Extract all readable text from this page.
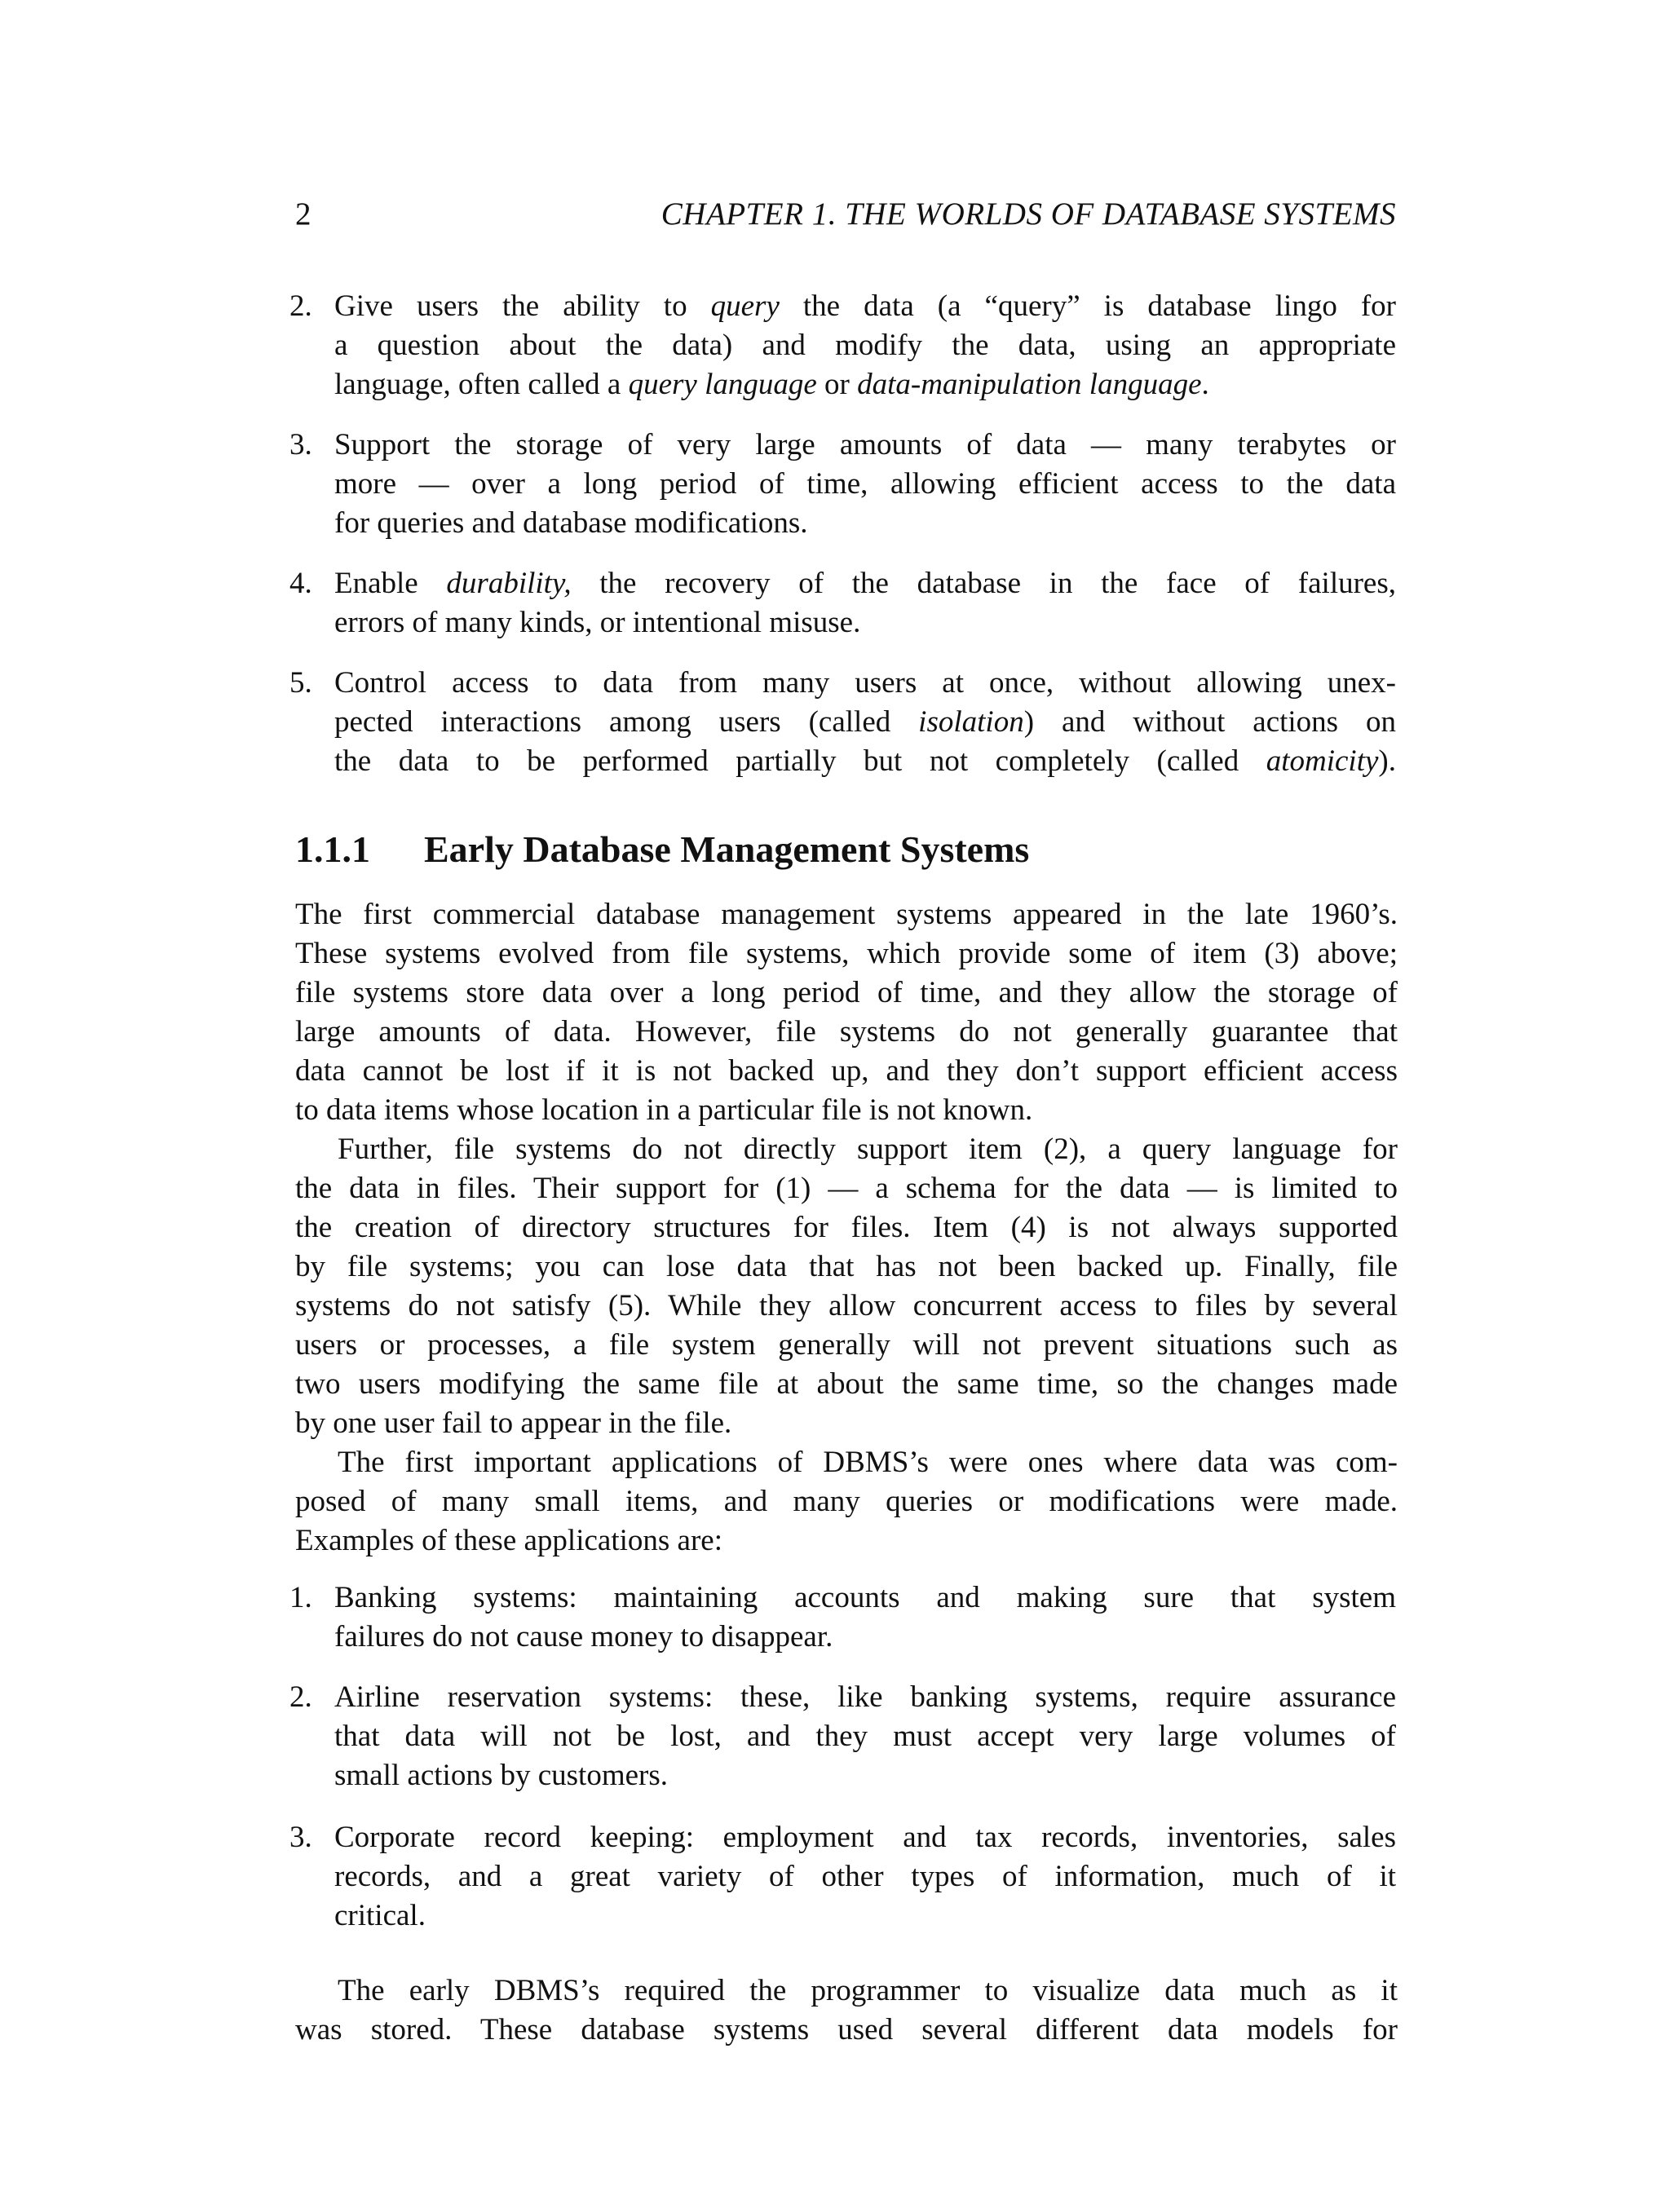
2	CHAPTER 1. THE WORLDS OF DATABASE SYSTEMS
2. Give users the ability to query the data (a “query” is database lingo for
a question about the data) and modify the data, using an appropriate
language, often called a query language or data-manipulation language.
3. Support the storage of very large amounts of data — many terabytes or
more — over a long period of time, allowing efficient access to the data
for queries and database modifications.
4. Enable durability, the recovery of the database in the face of failures,
errors of many kinds, or intentional misuse.
5. Control access to data from many users at once, without allowing unex-
pected interactions among users (called isolation) and without actions on
the data to be performed partially but not completely (called atomicity).
1.1.1 Early Database Management Systems
The first commercial database management systems appeared in the late 1960’s.
These systems evolved from file systems, which provide some of item (3) above;
file systems store data over a long period of time, and they allow the storage of
large amounts of data. However, file systems do not generally guarantee that
data cannot be lost if it is not backed up, and they don’t support efficient access
to data items whose location in a particular file is not known.
Further, file systems do not directly support item (2), a query language for
the data in files. Their support for (1) — a schema for the data — is limited to
the creation of directory structures for files. Item (4) is not always supported
by file systems; you can lose data that has not been backed up. Finally, file
systems do not satisfy (5). While they allow concurrent access to files by several
users or processes, a file system generally will not prevent situations such as
two users modifying the same file at about the same time, so the changes made
by one user fail to appear in the file.
The first important applications of DBMS’s were ones where data was com-
posed of many small items, and many queries or modifications were made.
Examples of these applications are:
1. Banking systems: maintaining accounts and making sure that system
failures do not cause money to disappear.
2. Airline reservation systems: these, like banking systems, require assurance
that data will not be lost, and they must accept very large volumes of
small actions by customers.
3. Corporate record keeping: employment and tax records, inventories, sales
records, and a great variety of other types of information, much of it
critical.
The early DBMS’s required the programmer to visualize data much as it
was stored. These database systems used several different data models for
